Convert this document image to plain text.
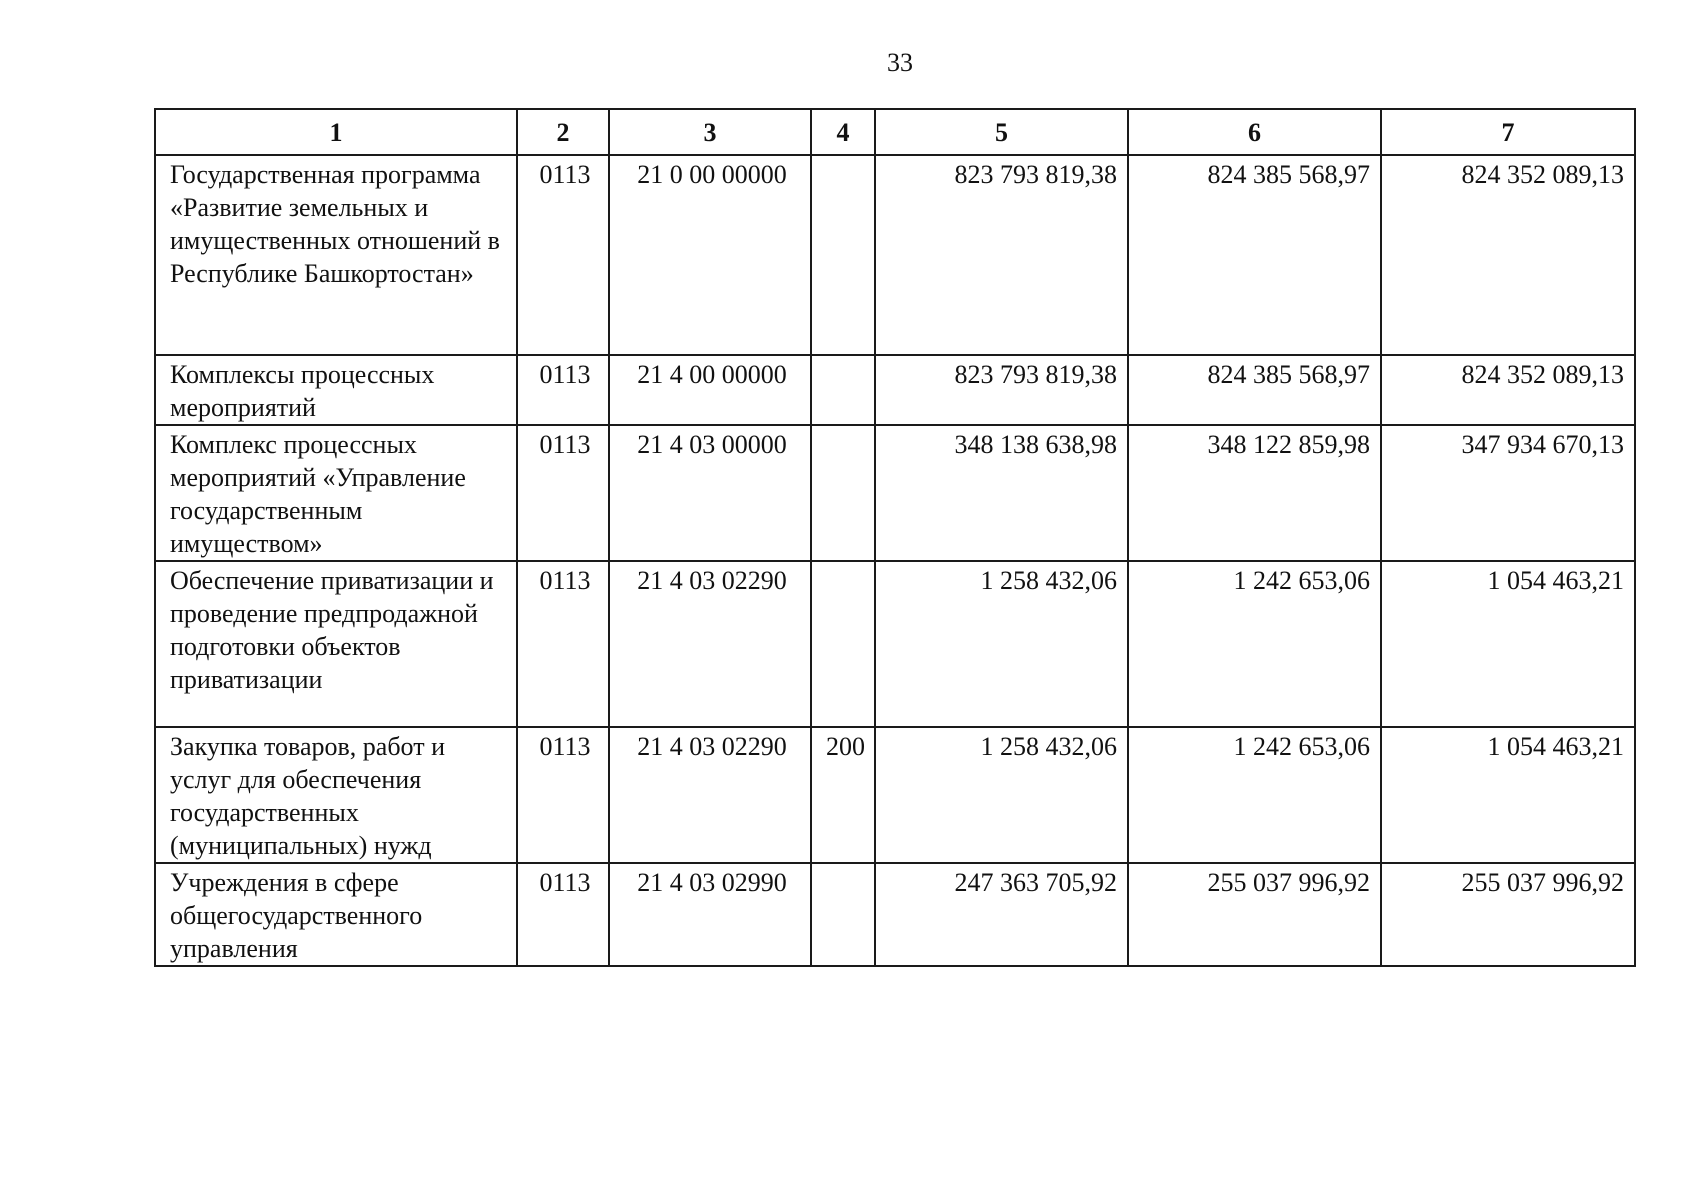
33
1	2	3	4	5	6	7
Государственная программа «Развитие земельных и имущественных отношений в Республике Башкортостан»	0113	21 0 00 00000		823 793 819,38	824 385 568,97	824 352 089,13
Комплексы процессных мероприятий	0113	21 4 00 00000		823 793 819,38	824 385 568,97	824 352 089,13
Комплекс процессных мероприятий «Управление государственным имуществом»	0113	21 4 03 00000		348 138 638,98	348 122 859,98	347 934 670,13
Обеспечение приватизации и проведение предпродажной подготовки объектов приватизации	0113	21 4 03 02290		1 258 432,06	1 242 653,06	1 054 463,21
Закупка товаров, работ и услуг для обеспечения государственных (муниципальных) нужд	0113	21 4 03 02290	200	1 258 432,06	1 242 653,06	1 054 463,21
Учреждения в сфере общегосударственного управления	0113	21 4 03 02990		247 363 705,92	255 037 996,92	255 037 996,92
